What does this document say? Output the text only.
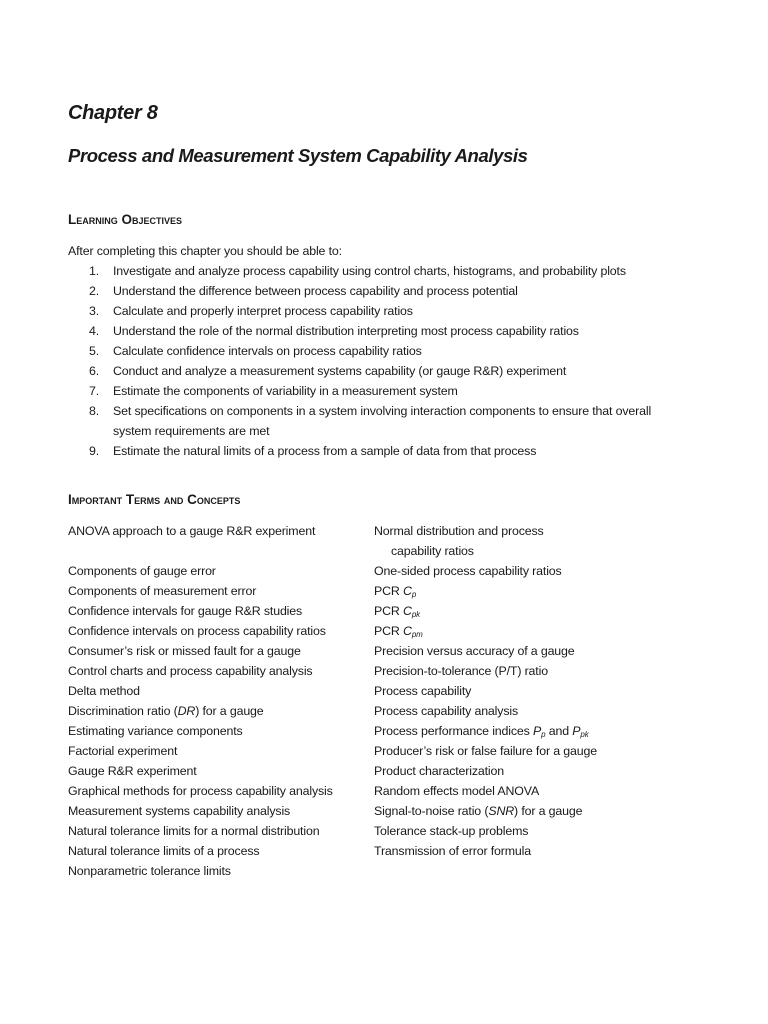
Chapter 8
Process and Measurement System Capability Analysis
Learning Objectives
After completing this chapter you should be able to:
1. Investigate and analyze process capability using control charts, histograms, and probability plots
2. Understand the difference between process capability and process potential
3. Calculate and properly interpret process capability ratios
4. Understand the role of the normal distribution interpreting most process capability ratios
5. Calculate confidence intervals on process capability ratios
6. Conduct and analyze a measurement systems capability (or gauge R&R) experiment
7. Estimate the components of variability in a measurement system
8. Set specifications on components in a system involving interaction components to ensure that overall
system requirements are met
9. Estimate the natural limits of a process from a sample of data from that process
Important Terms and Concepts
ANOVA approach to a gauge R&R experiment
Components of gauge error
Components of measurement error
Confidence intervals for gauge R&R studies
Confidence intervals on process capability ratios
Consumer’s risk or missed fault for a gauge
Control charts and process capability analysis
Delta method
Discrimination ratio (DR) for a gauge
Estimating variance components
Factorial experiment
Gauge R&R experiment
Graphical methods for process capability analysis
Measurement systems capability analysis
Natural tolerance limits for a normal distribution
Natural tolerance limits of a process
Nonparametric tolerance limits
Normal distribution and process
capability ratios
One-sided process capability ratios
PCR $C_p$
PCR $C_{pk}$
PCR $C_{pm}$
Precision versus accuracy of a gauge
Precision-to-tolerance (P/T) ratio
Process capability
Process capability analysis
Process performance indices $P_p$ and $P_{pk}$
Producer’s risk or false failure for a gauge
Product characterization
Random effects model ANOVA
Signal-to-noise ratio (SNR) for a gauge
Tolerance stack-up problems
Transmission of error formula
